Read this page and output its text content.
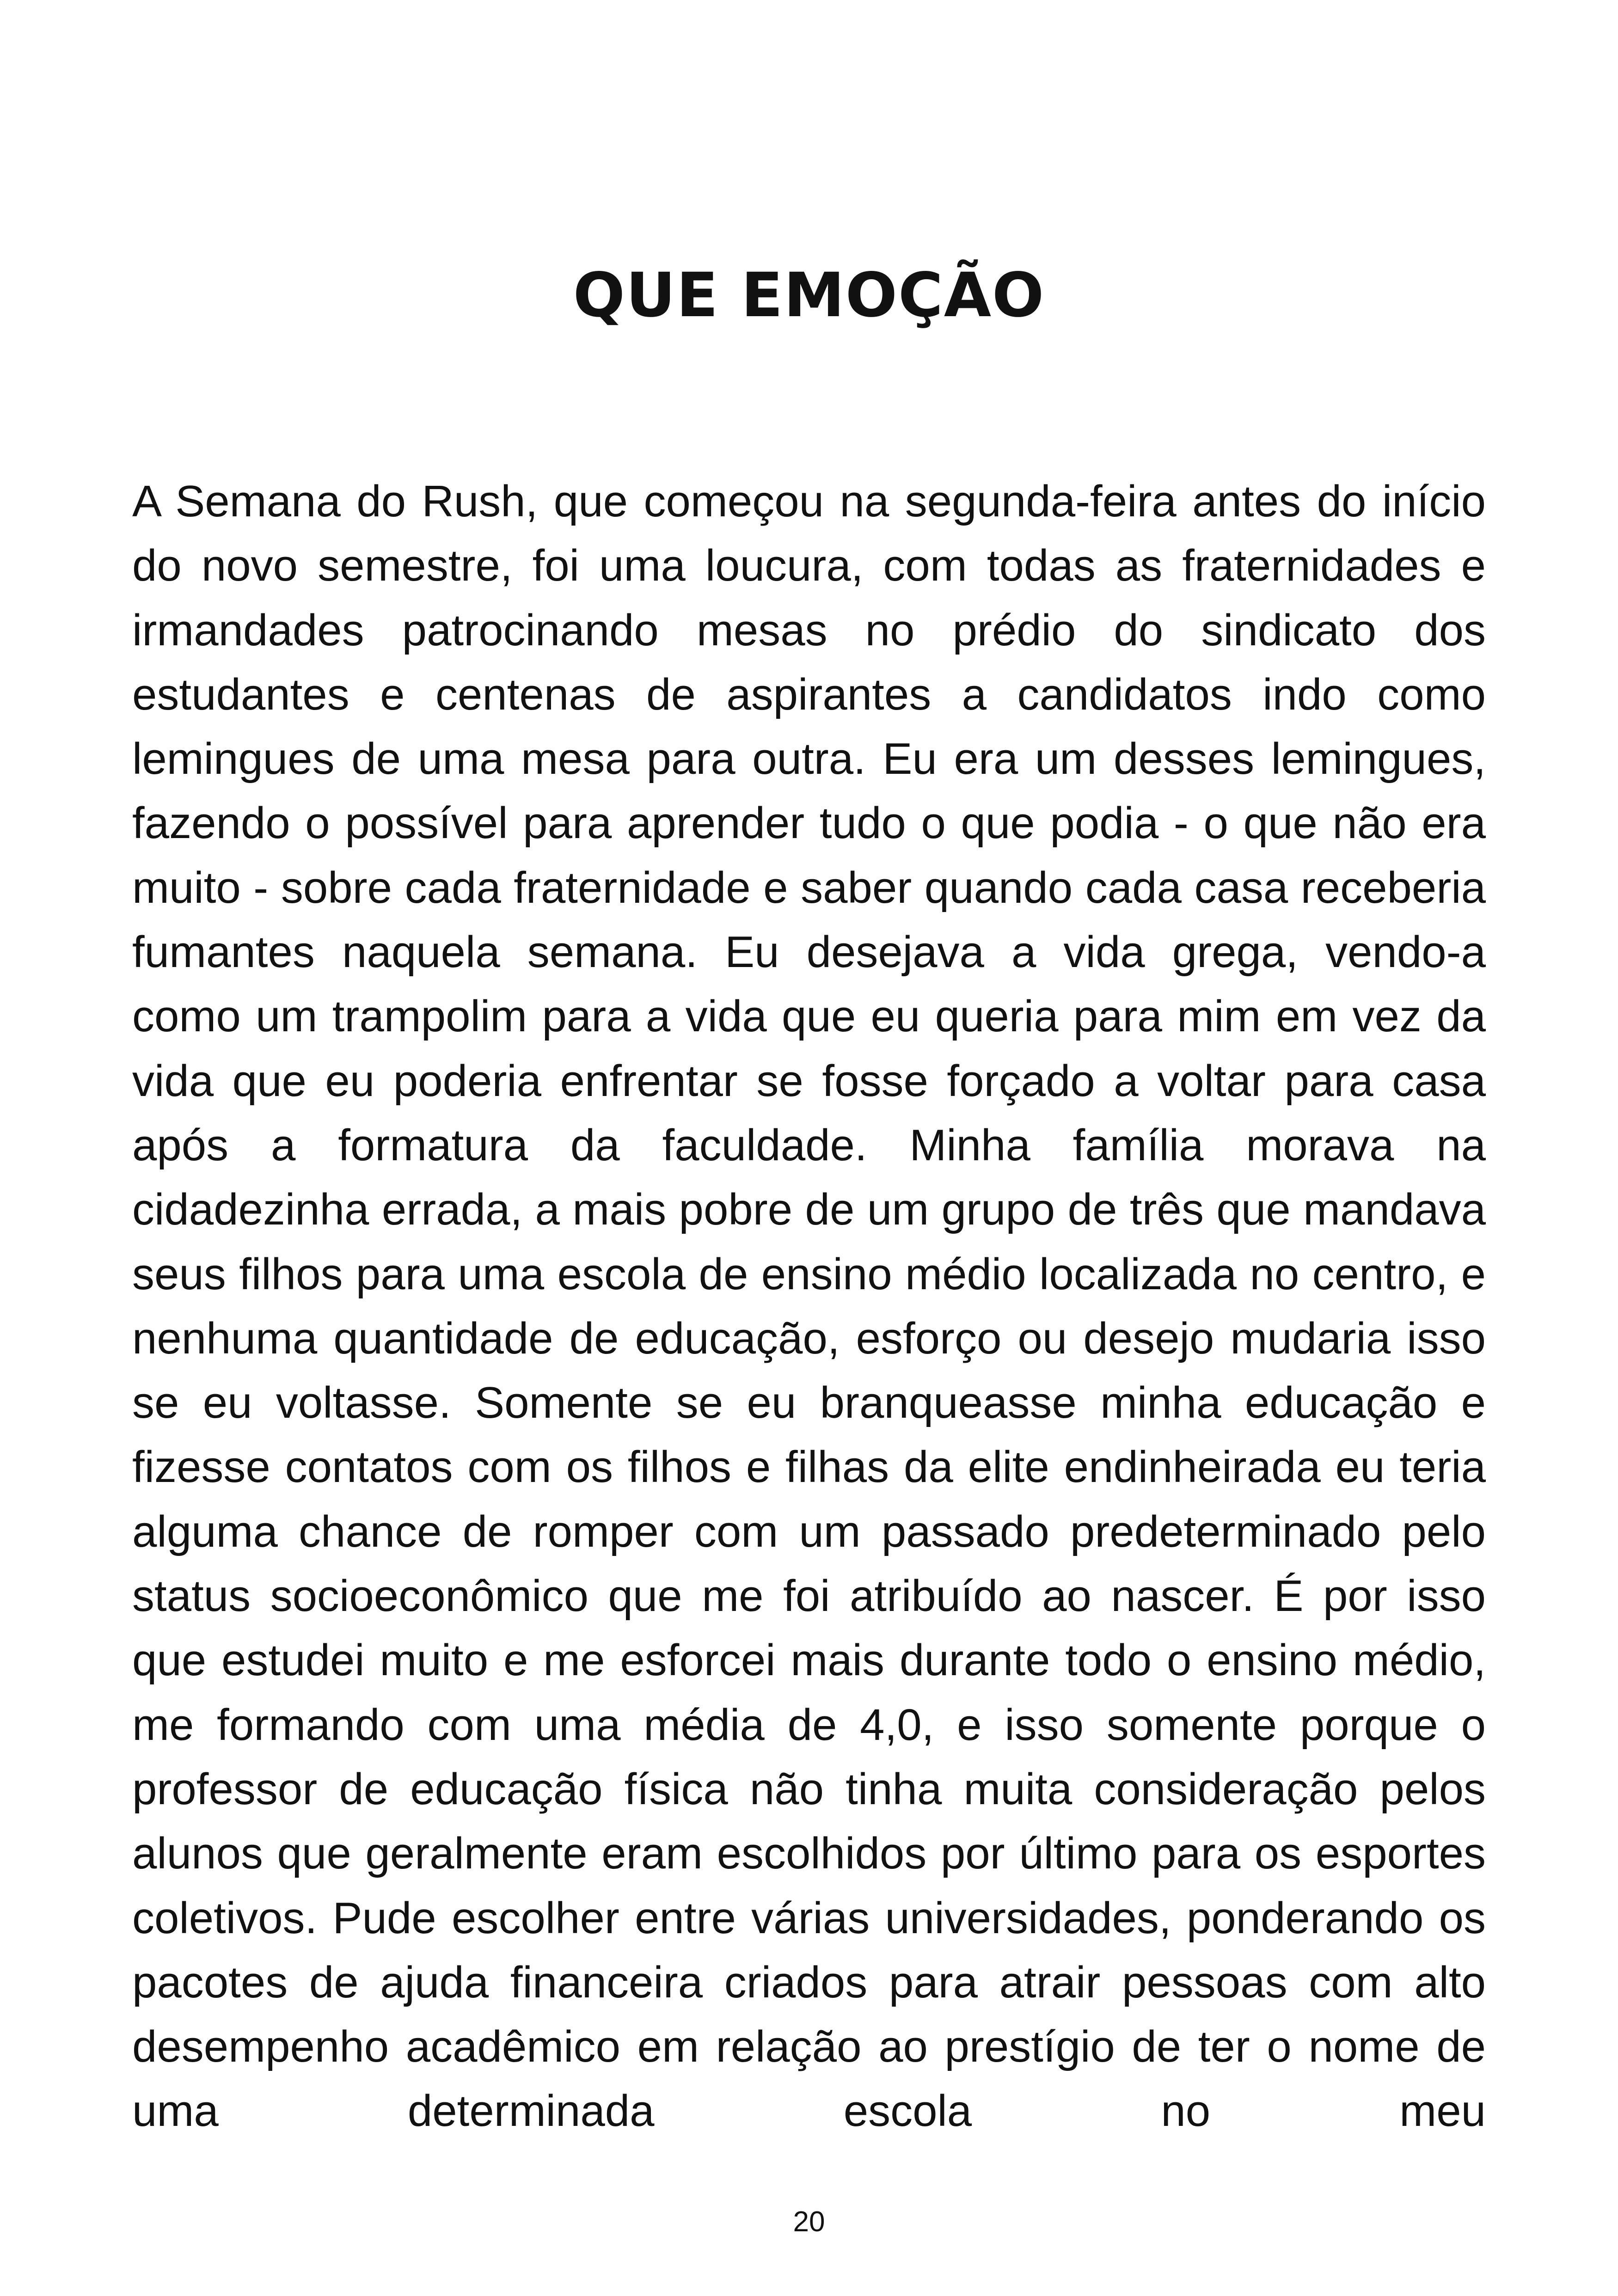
QUE EMOÇÃO

A Semana do Rush, que começou na segunda-feira antes do início do novo semestre, foi uma loucura, com todas as fraternidades e irmandades patrocinando mesas no prédio do sindicato dos estudantes e centenas de aspirantes a candidatos indo como lemingues de uma mesa para outra. Eu era um desses lemingues, fazendo o possível para aprender tudo o que podia - o que não era muito - sobre cada fraternidade e saber quando cada casa receberia fumantes naquela semana. Eu desejava a vida grega, vendo-a como um trampolim para a vida que eu queria para mim em vez da vida que eu poderia enfrentar se fosse forçado a voltar para casa após a formatura da faculdade. Minha família morava na cidadezinha errada, a mais pobre de um grupo de três que mandava seus filhos para uma escola de ensino médio localizada no centro, e nenhuma quantidade de educação, esforço ou desejo mudaria isso se eu voltasse. Somente se eu branqueasse minha educação e fizesse contatos com os filhos e filhas da elite endinheirada eu teria alguma chance de romper com um passado predeterminado pelo status socioeconômico que me foi atribuído ao nascer. É por isso que estudei muito e me esforcei mais durante todo o ensino médio, me formando com uma média de 4,0, e isso somente porque o professor de educação física não tinha muita consideração pelos alunos que geralmente eram escolhidos por último para os esportes coletivos. Pude escolher entre várias universidades, ponderando os pacotes de ajuda financeira criados para atrair pessoas com alto desempenho acadêmico em relação ao prestígio de ter o nome de uma determinada escola no meu

20
